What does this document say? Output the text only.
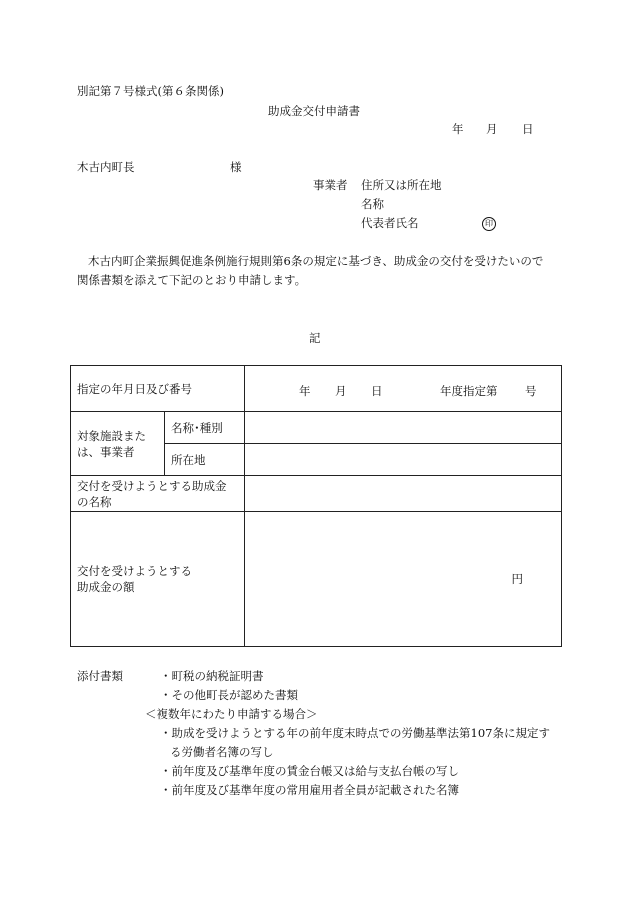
別記第７号様式(第６条関係)
助成金交付申請書
年 月 日
木古内町長	様
事業者 住所又は所在地
名称
代表者氏名	印
木古内町企業振興促進条例施行規則第6条の規定に基づき、助成金の交付を受けたいので
関係書類を添えて下記のとおり申請します。
記
指定の年月日及び番号		年 月 日 年度指定第 号

対象施設また
は、事業者	名称･種別	
	所在地	

交付を受けようとする助成金
の名称		

交付を受けようとする
助成金の額		円
添付書類	・町税の納税証明書
・その他町長が認めた書類
＜複数年にわたり申請する場合＞
・助成を受けようとする年の前年度末時点での労働基準法第107条に規定す
る労働者名簿の写し
・前年度及び基準年度の賃金台帳又は給与支払台帳の写し
・前年度及び基準年度の常用雇用者全員が記載された名簿
